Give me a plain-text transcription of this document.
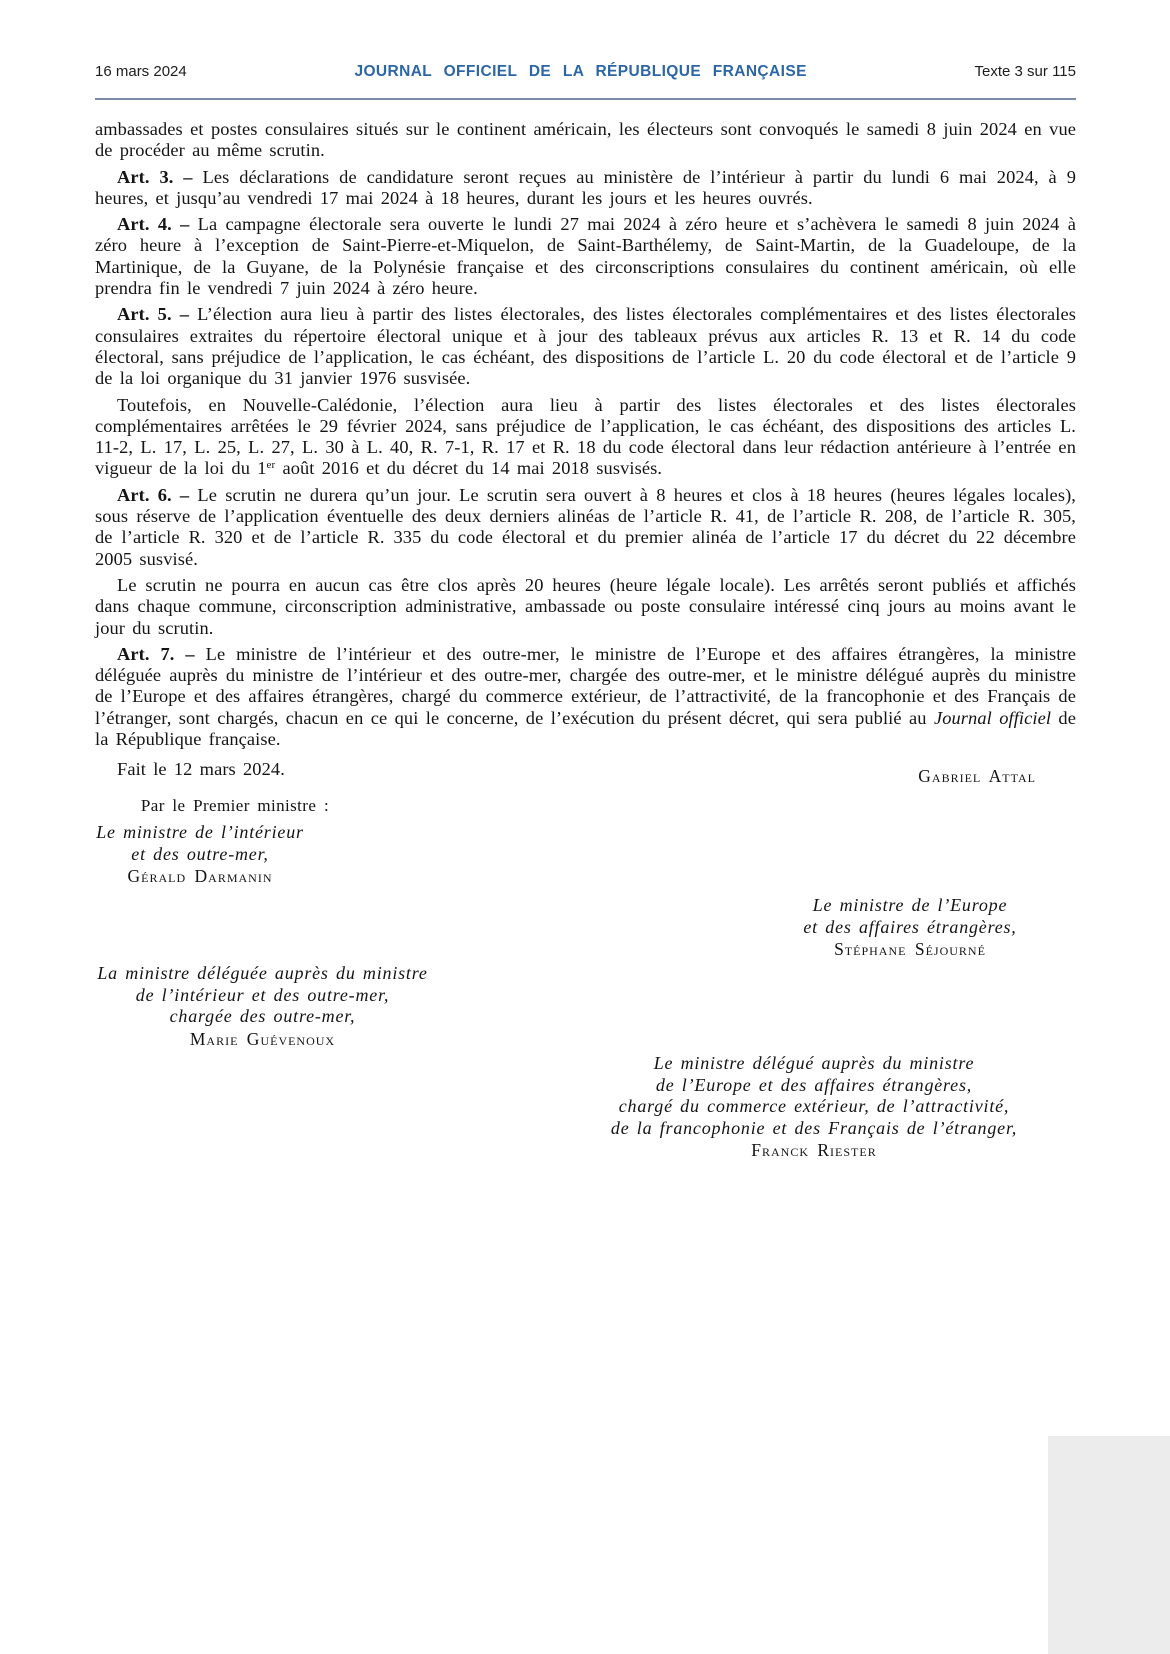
16 mars 2024	JOURNAL OFFICIEL DE LA RÉPUBLIQUE FRANÇAISE	Texte 3 sur 115

ambassades et postes consulaires situés sur le continent américain, les électeurs sont convoqués le samedi 8 juin 2024 en vue de procéder au même scrutin.

Art. 3. – Les déclarations de candidature seront reçues au ministère de l’intérieur à partir du lundi 6 mai 2024, à 9 heures, et jusqu’au vendredi 17 mai 2024 à 18 heures, durant les jours et les heures ouvrés.

Art. 4. – La campagne électorale sera ouverte le lundi 27 mai 2024 à zéro heure et s’achèvera le samedi 8 juin 2024 à zéro heure à l’exception de Saint-Pierre-et-Miquelon, de Saint-Barthélemy, de Saint-Martin, de la Guadeloupe, de la Martinique, de la Guyane, de la Polynésie française et des circonscriptions consulaires du continent américain, où elle prendra fin le vendredi 7 juin 2024 à zéro heure.

Art. 5. – L’élection aura lieu à partir des listes électorales, des listes électorales complémentaires et des listes électorales consulaires extraites du répertoire électoral unique et à jour des tableaux prévus aux articles R. 13 et R. 14 du code électoral, sans préjudice de l’application, le cas échéant, des dispositions de l’article L. 20 du code électoral et de l’article 9 de la loi organique du 31 janvier 1976 susvisée.

Toutefois, en Nouvelle-Calédonie, l’élection aura lieu à partir des listes électorales et des listes électorales complémentaires arrêtées le 29 février 2024, sans préjudice de l’application, le cas échéant, des dispositions des articles L. 11-2, L. 17, L. 25, L. 27, L. 30 à L. 40, R. 7-1, R. 17 et R. 18 du code électoral dans leur rédaction antérieure à l’entrée en vigueur de la loi du 1er août 2016 et du décret du 14 mai 2018 susvisés.

Art. 6. – Le scrutin ne durera qu’un jour. Le scrutin sera ouvert à 8 heures et clos à 18 heures (heures légales locales), sous réserve de l’application éventuelle des deux derniers alinéas de l’article R. 41, de l’article R. 208, de l’article R. 305, de l’article R. 320 et de l’article R. 335 du code électoral et du premier alinéa de l’article 17 du décret du 22 décembre 2005 susvisé.

Le scrutin ne pourra en aucun cas être clos après 20 heures (heure légale locale). Les arrêtés seront publiés et affichés dans chaque commune, circonscription administrative, ambassade ou poste consulaire intéressé cinq jours au moins avant le jour du scrutin.

Art. 7. – Le ministre de l’intérieur et des outre-mer, le ministre de l’Europe et des affaires étrangères, la ministre déléguée auprès du ministre de l’intérieur et des outre-mer, chargée des outre-mer, et le ministre délégué auprès du ministre de l’Europe et des affaires étrangères, chargé du commerce extérieur, de l’attractivité, de la francophonie et des Français de l’étranger, sont chargés, chacun en ce qui le concerne, de l’exécution du présent décret, qui sera publié au Journal officiel de la République française.

Fait le 12 mars 2024.	Gabriel Attal
Par le Premier ministre :
Le ministre de l’intérieur
et des outre-mer,
Gérald Darmanin
Le ministre de l’Europe
et des affaires étrangères,
Stéphane Séjourné
La ministre déléguée auprès du ministre
de l’intérieur et des outre-mer,
chargée des outre-mer,
Marie Guévenoux
Le ministre délégué auprès du ministre
de l’Europe et des affaires étrangères,
chargé du commerce extérieur, de l’attractivité,
de la francophonie et des Français de l’étranger,
Franck Riester
